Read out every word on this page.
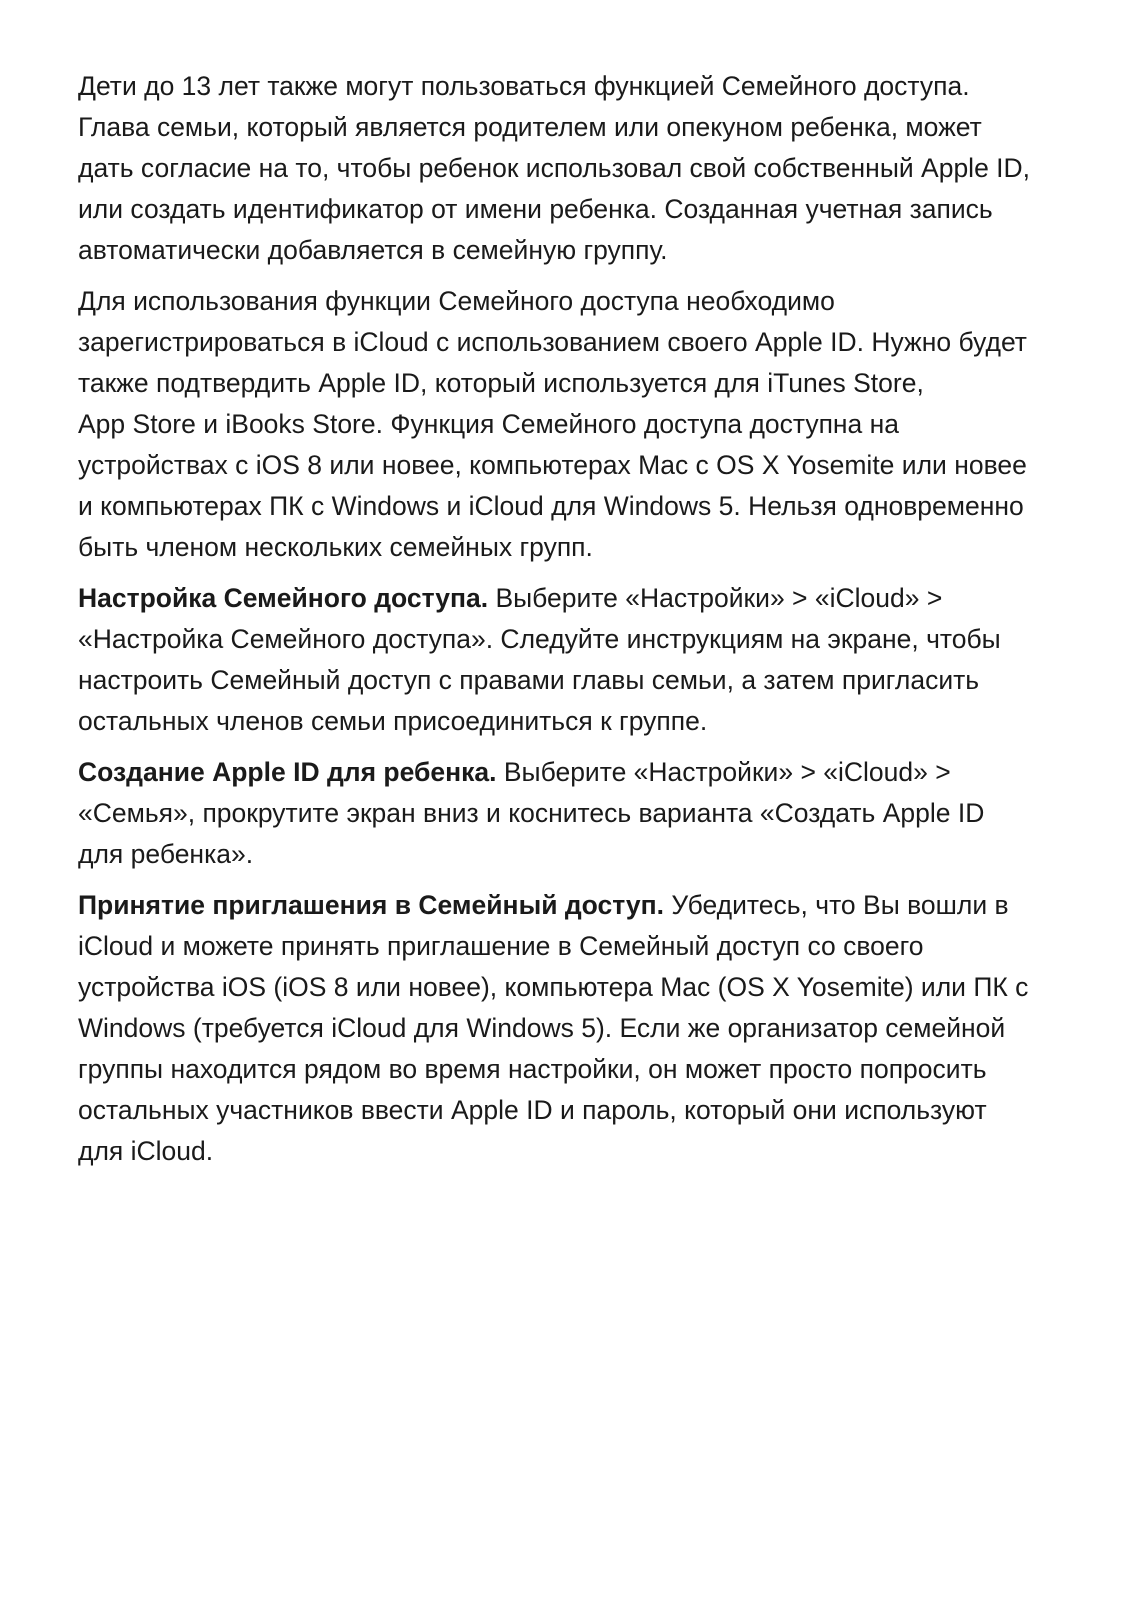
Дети до 13 лет также могут пользоваться функцией Семейного доступа.
Глава семьи, который является родителем или опекуном ребенка, может
дать согласие на то, чтобы ребенок использовал свой собственный Apple ID,
или создать идентификатор от имени ребенка. Созданная учетная запись
автоматически добавляется в семейную группу.

Для использования функции Семейного доступа необходимо
зарегистрироваться в iCloud с использованием своего Apple ID. Нужно будет
также подтвердить Apple ID, который используется для iTunes Store,
App Store и iBooks Store. Функция Семейного доступа доступна на
устройствах с iOS 8 или новее, компьютерах Mac с OS X Yosemite или новее
и компьютерах ПК с Windows и iCloud для Windows 5. Нельзя одновременно
быть членом нескольких семейных групп.

Настройка Семейного доступа. Выберите «Настройки» > «iCloud» >
«Настройка Семейного доступа». Следуйте инструкциям на экране, чтобы
настроить Семейный доступ с правами главы семьи, а затем пригласить
остальных членов семьи присоединиться к группе.

Создание Apple ID для ребенка. Выберите «Настройки» > «iCloud» >
«Семья», прокрутите экран вниз и коснитесь варианта «Создать Apple ID
для ребенка».

Принятие приглашения в Семейный доступ. Убедитесь, что Вы вошли в
iCloud и можете принять приглашение в Семейный доступ со своего
устройства iOS (iOS 8 или новее), компьютера Mac (OS X Yosemite) или ПК с
Windows (требуется iCloud для Windows 5). Если же организатор семейной
группы находится рядом во время настройки, он может просто попросить
остальных участников ввести Apple ID и пароль, который они используют
для iCloud.
